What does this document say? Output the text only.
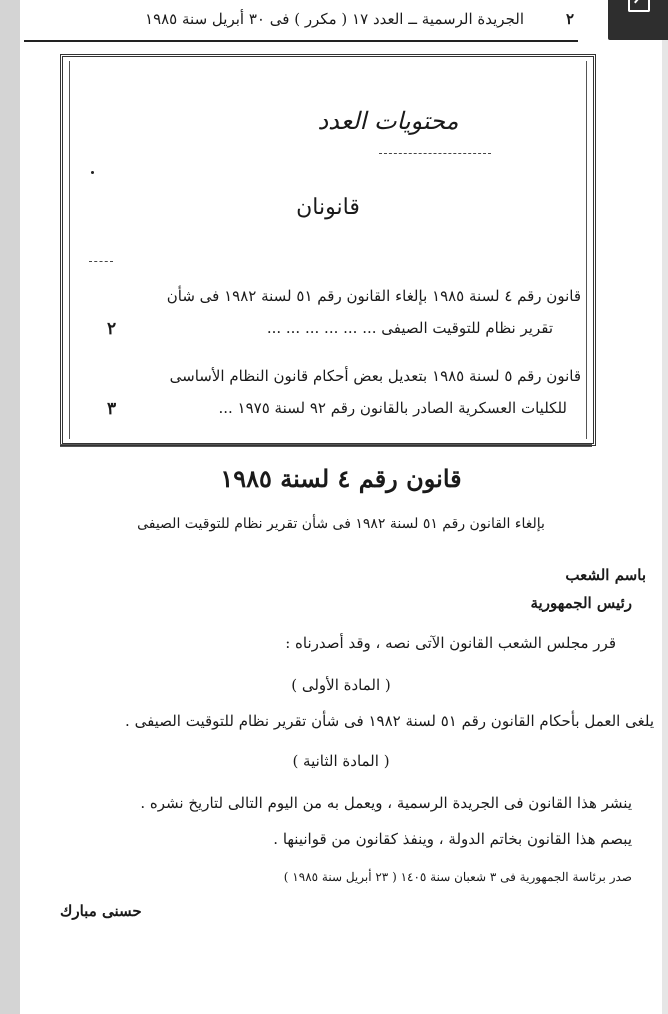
٢
الجريدة الرسمية ــ العدد ١٧ ( مكرر ) فى ٣٠ أبريل سنة ١٩٨٥
محتويات العدد
قانونان
قانون رقم ٤ لسنة ١٩٨٥ بإلغاء القانون رقم ٥١ لسنة ١٩٨٢ فى شأن
تقرير نظام للتوقيت الصيفى ... ... ... ... ... ...
٢
قانون رقم ٥ لسنة ١٩٨٥ بتعديل بعض أحكام قانون النظام الأساسى
للكليات العسكرية الصادر بالقانون رقم ٩٢ لسنة ١٩٧٥ ...
٣
قانون رقم ٤ لسنة ١٩٨٥
بإلغاء القانون رقم ٥١ لسنة ١٩٨٢ فى شأن تقرير نظام للتوقيت الصيفى
باسم الشعب
رئيس الجمهورية
قرر مجلس الشعب القانون الآتى نصه ، وقد أصدرناه :
( المادة الأولى )
يلغى العمل بأحكام القانون رقم ٥١ لسنة ١٩٨٢ فى شأن تقرير نظام للتوقيت الصيفى .
( المادة الثانية )
ينشر هذا القانون فى الجريدة الرسمية ، ويعمل به من اليوم التالى لتاريخ نشره .
يبصم هذا القانون بخاتم الدولة ، وينفذ كقانون من قوانينها .
صدر برئاسة الجمهورية فى ٣ شعبان سنة ١٤٠٥ ( ٢٣ أبريل سنة ١٩٨٥ )
حسنى مبارك
